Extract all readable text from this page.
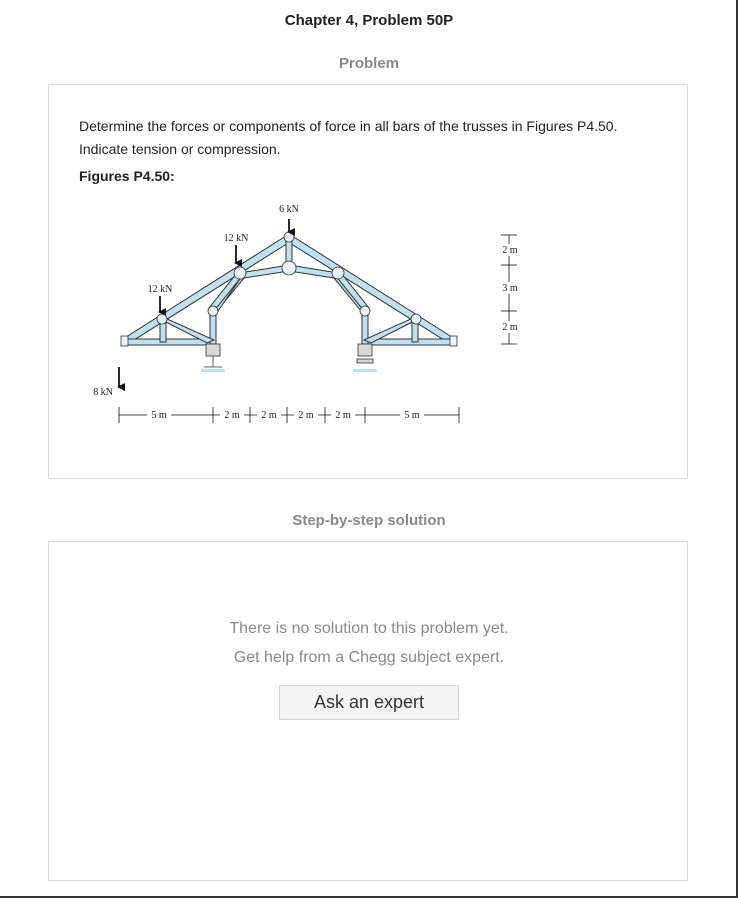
Chapter 4, Problem 50P
Problem
Determine the forces or components of force in all bars of the trusses in Figures P4.50.
Indicate tension or compression.
Figures P4.50:
6 kN
12 kN
12 kN
8 kN
5 m	2 m 2 m 2 m 2 m	5 m
2 m
3 m
2 m
Step-by-step solution
There is no solution to this problem yet.
Get help from a Chegg subject expert.
Ask an expert
